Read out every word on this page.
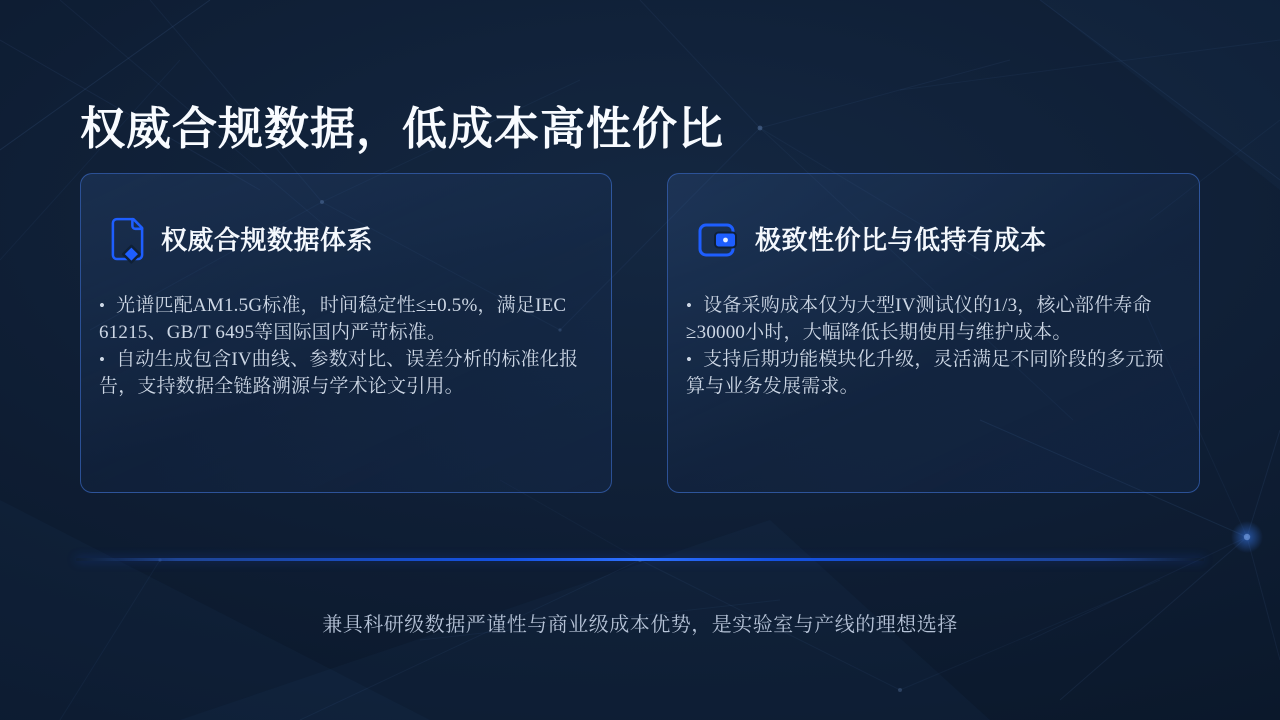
权威合规数据，低成本高性价比
权威合规数据体系
• 光谱匹配AM1.5G标准，时间稳定性≤±0.5%，满足IEC 61215、GB/T 6495等国际国内严苛标准。
• 自动生成包含IV曲线、参数对比、误差分析的标准化报告，支持数据全链路溯源与学术论文引用。
极致性价比与低持有成本
• 设备采购成本仅为大型IV测试仪的1/3，核心部件寿命≥30000小时，大幅降低长期使用与维护成本。
• 支持后期功能模块化升级，灵活满足不同阶段的多元预算与业务发展需求。

兼具科研级数据严谨性与商业级成本优势，是实验室与产线的理想选择
